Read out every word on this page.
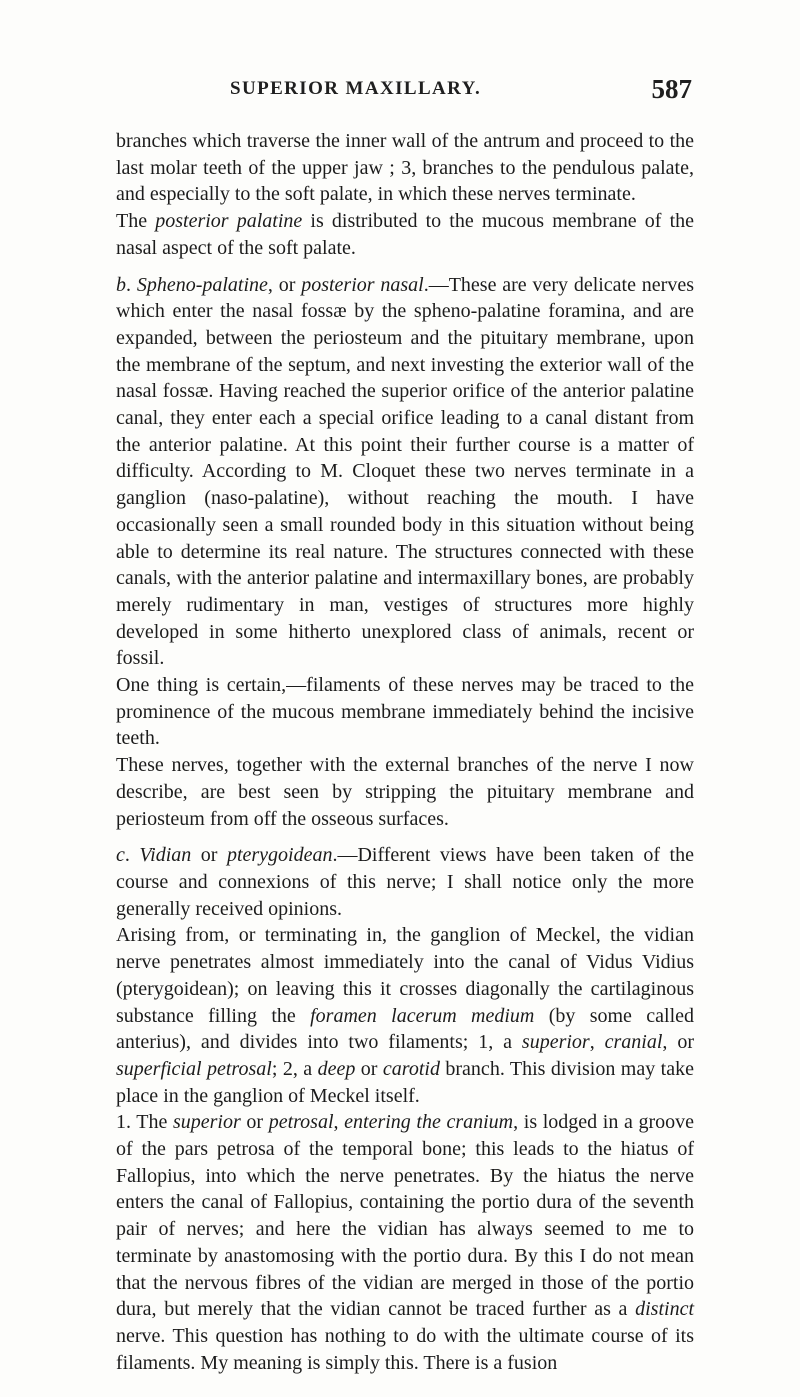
SUPERIOR MAXILLARY.	587

branches which traverse the inner wall of the antrum and proceed to the last molar teeth of the upper jaw ; 3, branches to the pendulous palate, and especially to the soft palate, in which these nerves terminate.

The posterior palatine is distributed to the mucous membrane of the nasal aspect of the soft palate.

b. Spheno-palatine, or posterior nasal.—These are very delicate nerves which enter the nasal fossæ by the spheno-palatine foramina, and are expanded, between the periosteum and the pituitary membrane, upon the membrane of the septum, and next investing the exterior wall of the nasal fossæ. Having reached the superior orifice of the anterior palatine canal, they enter each a special orifice leading to a canal distant from the anterior palatine. At this point their further course is a matter of difficulty. According to M. Cloquet these two nerves terminate in a ganglion (naso-palatine), without reaching the mouth. I have occasionally seen a small rounded body in this situation without being able to determine its real nature. The structures connected with these canals, with the anterior palatine and intermaxillary bones, are probably merely rudimentary in man, vestiges of structures more highly developed in some hitherto unexplored class of animals, recent or fossil.

One thing is certain,—filaments of these nerves may be traced to the prominence of the mucous membrane immediately behind the incisive teeth.

These nerves, together with the external branches of the nerve I now describe, are best seen by stripping the pituitary membrane and periosteum from off the osseous surfaces.

c. Vidian or pterygoidean.—Different views have been taken of the course and connexions of this nerve; I shall notice only the more generally received opinions.

Arising from, or terminating in, the ganglion of Meckel, the vidian nerve penetrates almost immediately into the canal of Vidus Vidius (pterygoidean); on leaving this it crosses diagonally the cartilaginous substance filling the foramen lacerum medium (by some called anterius), and divides into two filaments; 1, a superior, cranial, or superficial petrosal; 2, a deep or carotid branch. This division may take place in the ganglion of Meckel itself.

1. The superior or petrosal, entering the cranium, is lodged in a groove of the pars petrosa of the temporal bone; this leads to the hiatus of Fallopius, into which the nerve penetrates. By the hiatus the nerve enters the canal of Fallopius, containing the portio dura of the seventh pair of nerves; and here the vidian has always seemed to me to terminate by anastomosing with the portio dura. By this I do not mean that the nervous fibres of the vidian are merged in those of the portio dura, but merely that the vidian cannot be traced further as a distinct nerve. This question has nothing to do with the ultimate course of its filaments. My meaning is simply this. There is a fusion
